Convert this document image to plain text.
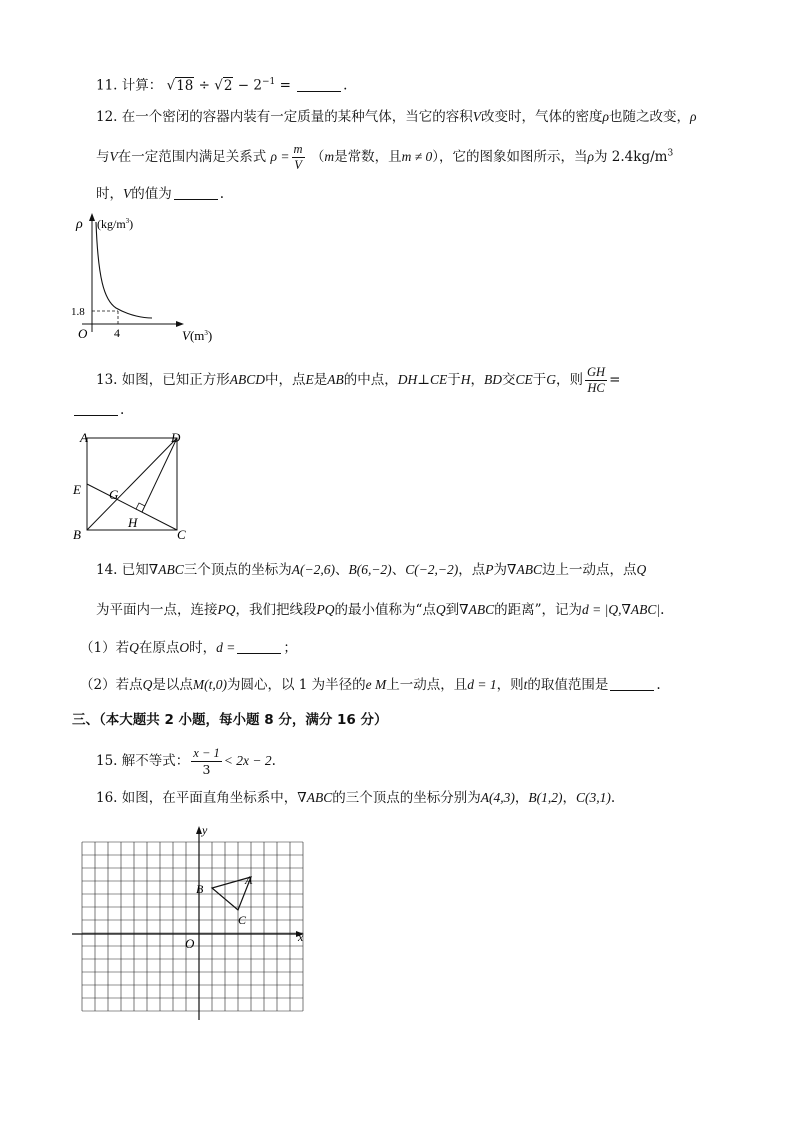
11. 计算： $√18 \div √2 - 2^{-1}$ =	.
12. 在一个密闭的容器内装有一定质量的某种气体，当它的容积V改变时，气体的密度ρ也随之改变，ρ
与V在一定范围内满足关系式 $\rho = \frac{m}{V} (m$是常数，且m ≠ 0），它的图象如图所示，当ρ为 $2.4kg/m^3$
时，V的值为	.
ρ $(kg/m^3)$
1.8
O 4	$V(m^3)$
13. 如图，已知正方形ABCD中，点E是AB的中点，DH⊥CE于H，BD交CE于G，则 $\frac{GH}{HC}$ =
.
A	D
E G
H
B	C
14. 已知∇ABC三个顶点的坐标为A(−2,6)、B(6,−2)、C(−2,−2)，点P为∇ABC边上一动点，点Q
为平面内一点，连接PQ，我们把线段PQ的最小值称为“点Q到∇ABC的距离”，记为d = |Q,∇ABC|.
（1）若Q在原点O时，d =	；
（2）若点Q是以点M(t,0)为圆心，以 1 为半径的e M上一动点，且d = 1，则t的取值范围是	.
三、（本大题共 2 小题，每小题 8 分，满分 16 分）
15. 解不等式： $\frac{x - 1}{3} < 2x - 2$.
16. 如图，在平面直角坐标系中，∇ABC的三个顶点的坐标分别为A(4,3)，B(1,2)，C(3,1).
y
x
O
A
B
C
